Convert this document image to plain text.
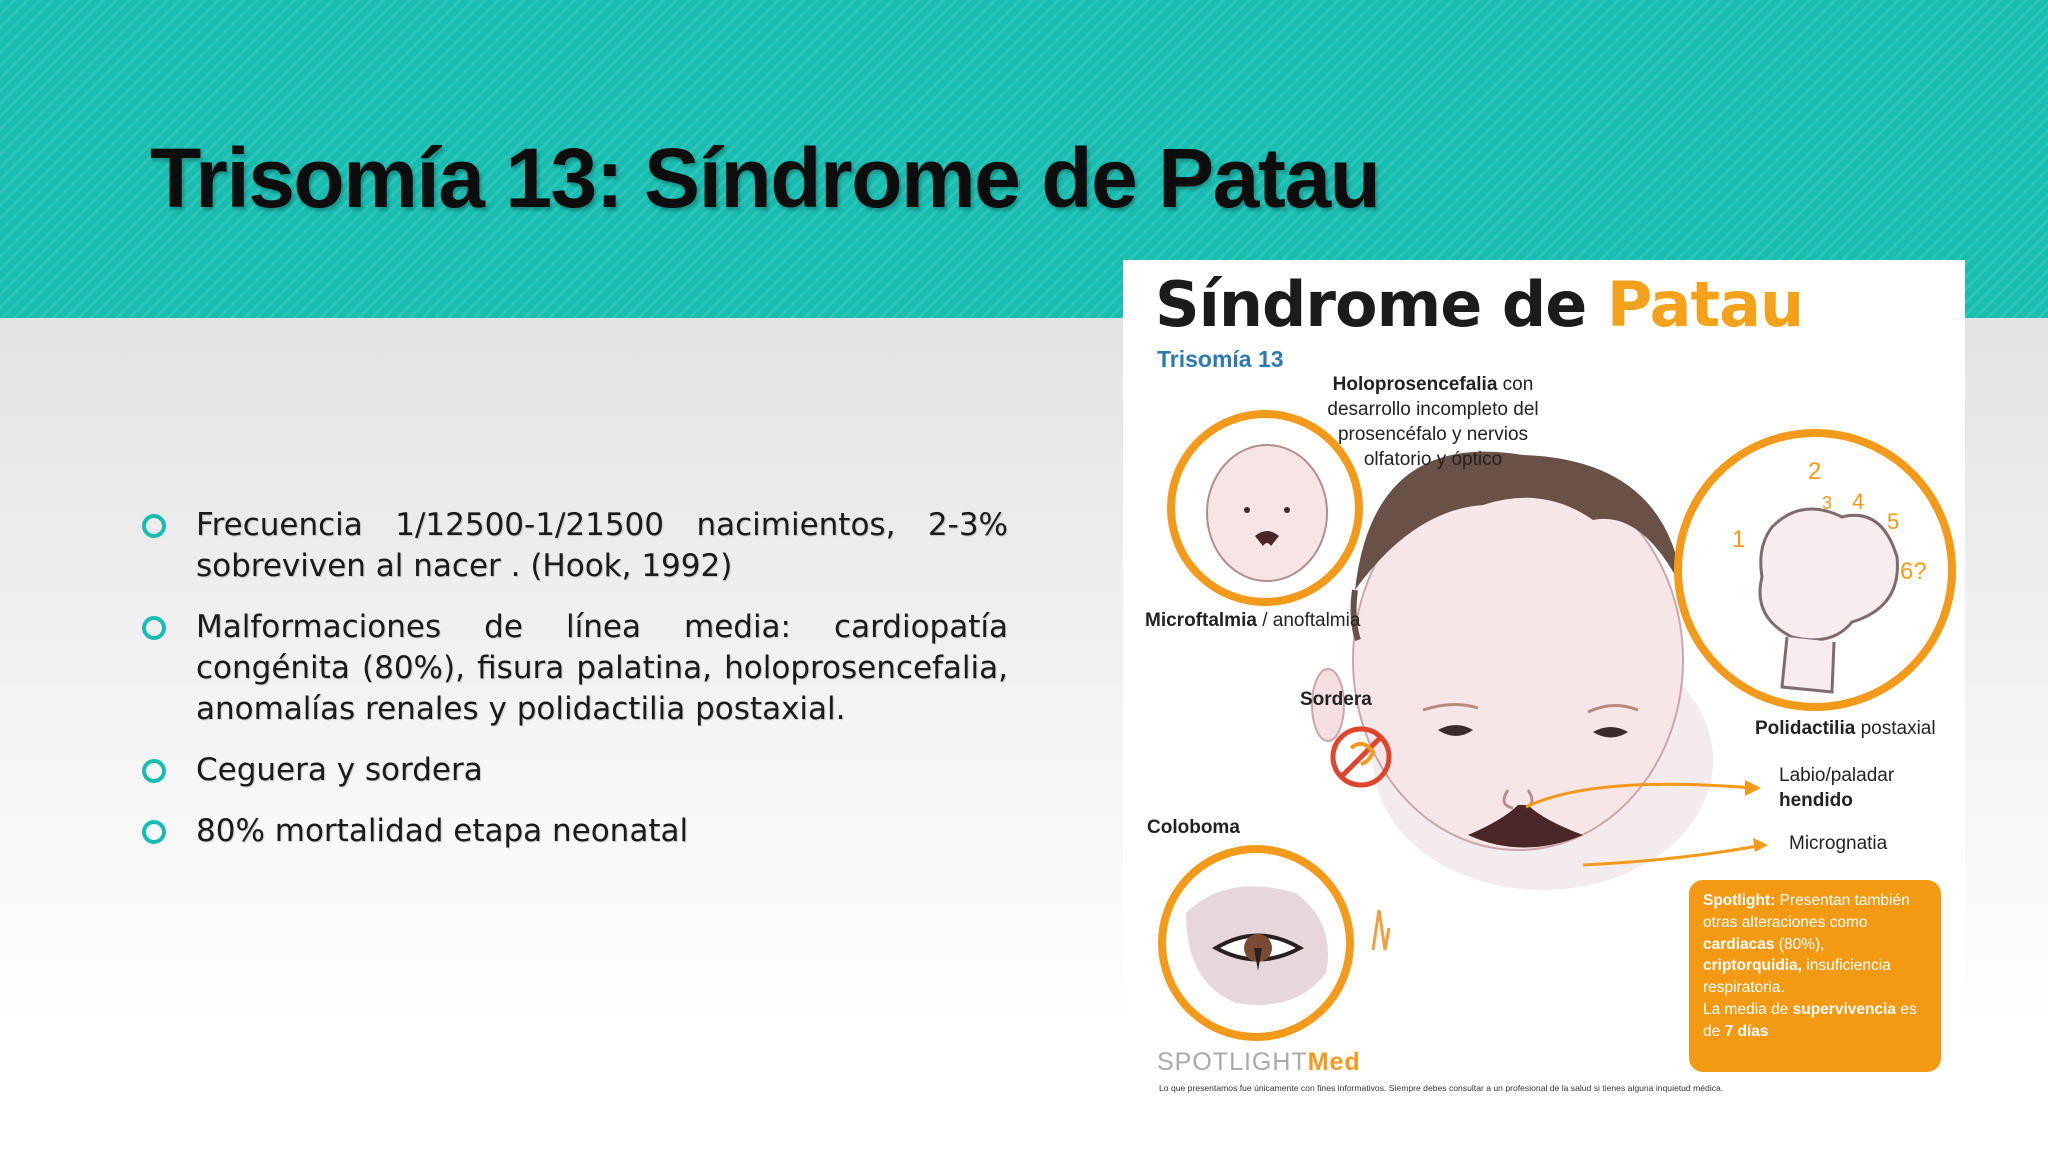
Trisomía 13: Síndrome de Patau
Frecuencia 1/12500-1/21500 nacimientos, 2-3% sobreviven al nacer . (Hook, 1992)
Malformaciones de línea media: cardiopatía congénita (80%), fisura palatina, holoprosencefalia, anomalías renales y polidactilia postaxial.
Ceguera y sordera
80% mortalidad etapa neonatal
Síndrome de Patau
Trisomía 13
1
2
3 4
5
6?
Holoprosencefalia con desarrollo incompleto del prosencéfalo y nervios olfatorio y óptico
Microftalmia / anoftalmia
Sordera
Polidactilia postaxial
Labio/paladar
hendido
Micrognatia
Coloboma
Spotlight: Presentan también otras alteraciones como cardiacas (80%), criptorquidia, insuficiencia respiratoria.
La media de supervivencia es de 7 días
SPOTLIGHTMed
Lo que presentamos fue únicamente con fines informativos. Siempre debes consultar a un profesional de la salud si tienes alguna inquietud médica.
